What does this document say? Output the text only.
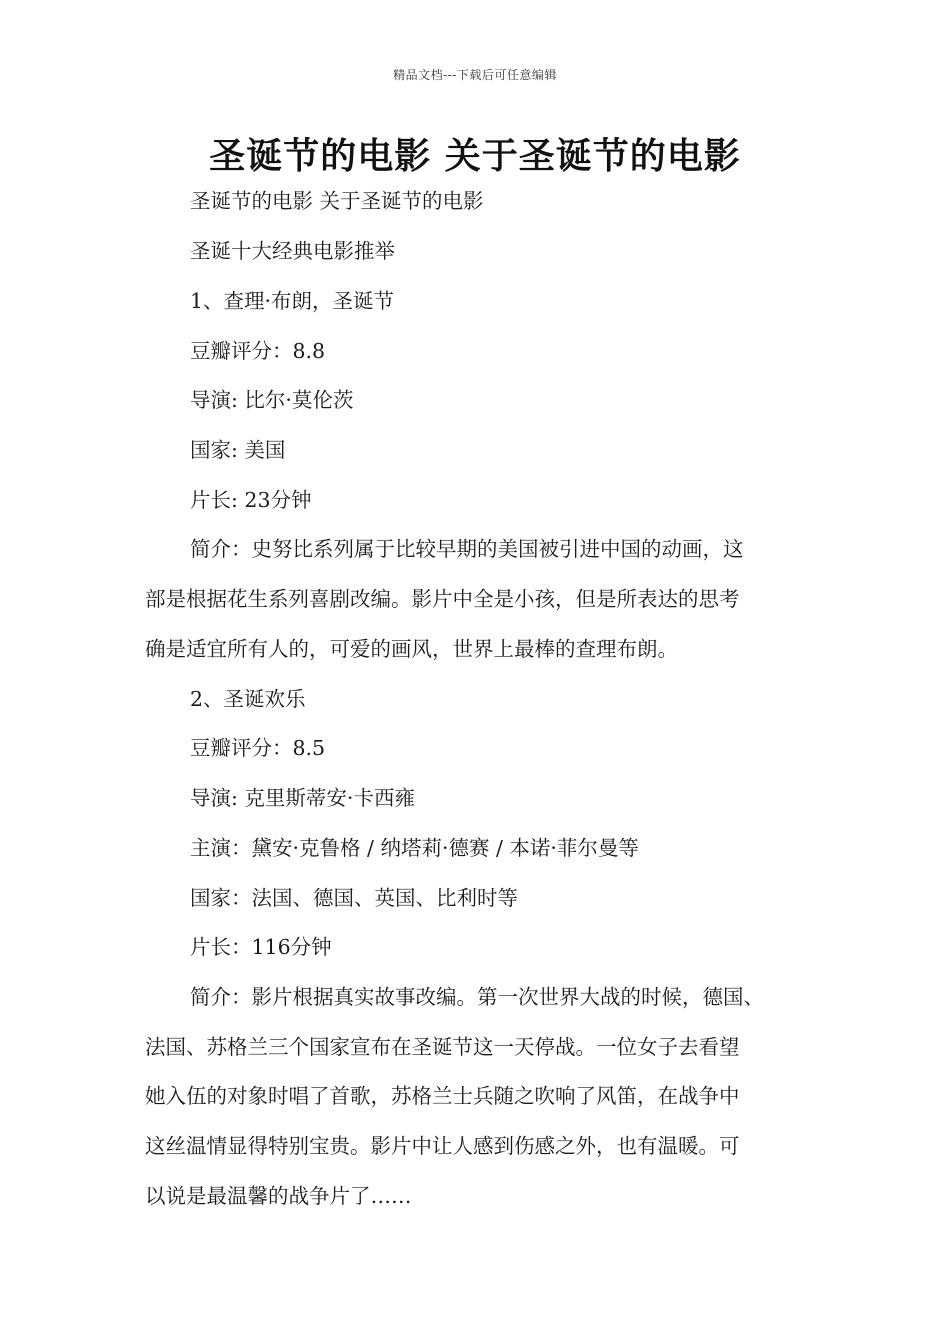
精品文档---下载后可任意编辑
圣诞节的电影 关于圣诞节的电影
圣诞节的电影 关于圣诞节的电影
圣诞十大经典电影推举
1、查理·布朗，圣诞节
豆瓣评分：8.8
导演: 比尔·莫伦茨
国家: 美国
片长: 23分钟
简介：史努比系列属于比较早期的美国被引进中国的动画，这
部是根据花生系列喜剧改编。影片中全是小孩，但是所表达的思考
确是适宜所有人的，可爱的画风，世界上最棒的查理布朗。
2、圣诞欢乐
豆瓣评分：8.5
导演: 克里斯蒂安·卡西雍
主演：黛安·克鲁格 / 纳塔莉·德赛 / 本诺·菲尔曼等
国家：法国、德国、英国、比利时等
片长：116分钟
简介：影片根据真实故事改编。第一次世界大战的时候，德国、
法国、苏格兰三个国家宣布在圣诞节这一天停战。一位女子去看望
她入伍的对象时唱了首歌，苏格兰士兵随之吹响了风笛，在战争中
这丝温情显得特别宝贵。影片中让人感到伤感之外，也有温暖。可
以说是最温馨的战争片了……
